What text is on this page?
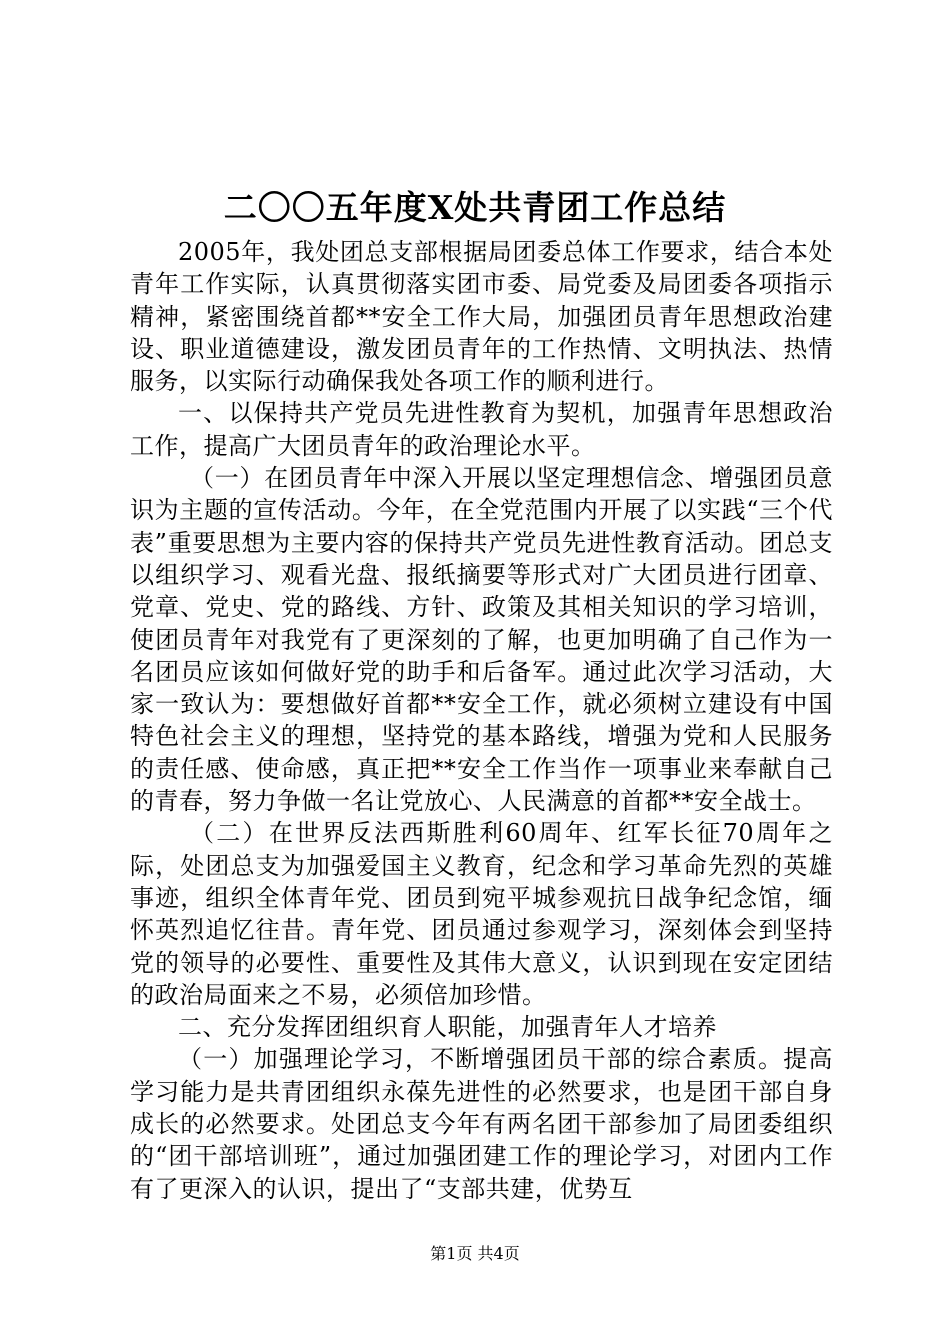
二〇〇五年度X处共青团工作总结

2005年，我处团总支部根据局团委总体工作要求，结合本处青年工作实际，认真贯彻落实团市委、局党委及局团委各项指示精神，紧密围绕首都**安全工作大局，加强团员青年思想政治建设、职业道德建设，激发团员青年的工作热情、文明执法、热情服务，以实际行动确保我处各项工作的顺利进行。

一、以保持共产党员先进性教育为契机，加强青年思想政治工作，提高广大团员青年的政治理论水平。

（一）在团员青年中深入开展以坚定理想信念、增强团员意识为主题的宣传活动。今年，在全党范围内开展了以实践“三个代表”重要思想为主要内容的保持共产党员先进性教育活动。团总支以组织学习、观看光盘、报纸摘要等形式对广大团员进行团章、党章、党史、党的路线、方针、政策及其相关知识的学习培训，使团员青年对我党有了更深刻的了解，也更加明确了自己作为一名团员应该如何做好党的助手和后备军。通过此次学习活动，大家一致认为：要想做好首都**安全工作，就必须树立建设有中国特色社会主义的理想，坚持党的基本路线，增强为党和人民服务的责任感、使命感，真正把**安全工作当作一项事业来奉献自己的青春，努力争做一名让党放心、人民满意的首都**安全战士。

（二）在世界反法西斯胜利60周年、红军长征70周年之际，处团总支为加强爱国主义教育，纪念和学习革命先烈的英雄事迹，组织全体青年党、团员到宛平城参观抗日战争纪念馆，缅怀英烈追忆往昔。青年党、团员通过参观学习，深刻体会到坚持党的领导的必要性、重要性及其伟大意义，认识到现在安定团结的政治局面来之不易，必须倍加珍惜。

二、充分发挥团组织育人职能，加强青年人才培养

（一）加强理论学习，不断增强团员干部的综合素质。提高学习能力是共青团组织永葆先进性的必然要求，也是团干部自身成长的必然要求。处团总支今年有两名团干部参加了局团委组织的“团干部培训班”，通过加强团建工作的理论学习，对团内工作有了更深入的认识，提出了“支部共建，优势互

第1页 共4页
